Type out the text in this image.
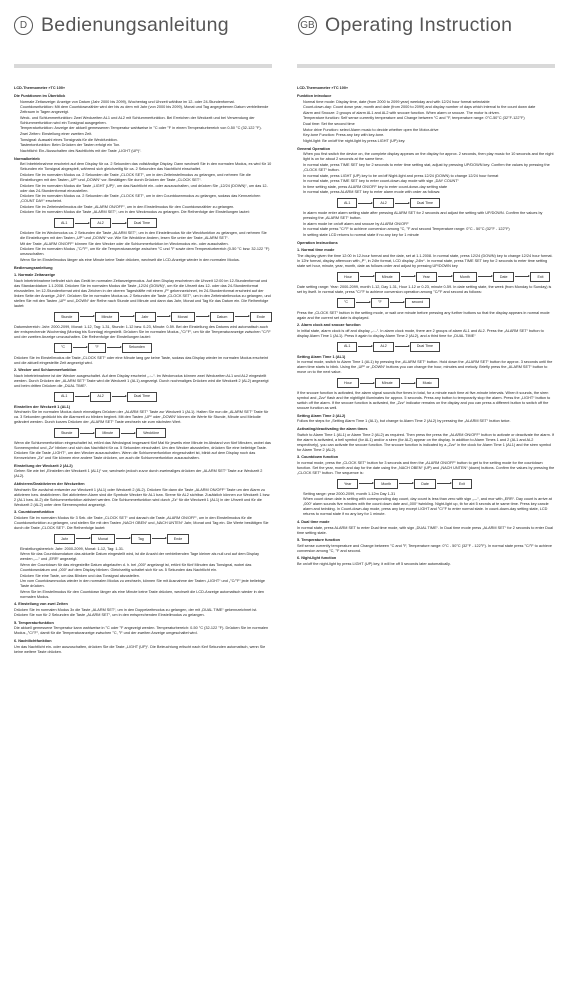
D Bedienungsanleitung	GB Operating Instruction
LCD-Thermometer »TC 100«
Die Funktionen im Überblick
• Normale Zeitanzeige: Anzeige von Datum (Jahr 2000 bis 2099), Wochentag und Uhrzeit wählbar im 12- oder 24-Stundenformat.
• Countdownfunktion: Mit dem Countdownzähler wird der bis zu dem mit Jahr (von 2000 bis 2099), Monat und Tag angegebenen Datum verbleibende Zeitraum in Tagen angezeigt.
• Weck- und Schlummerfunktion: Zwei Weckzeiten AL1 und AL2 mit Schlummerfunktion. Bei Erreichen der Weckzeit und bei Verwendung der Schlummerfunktion wird ein Tonsignal ausgegeben.
• Temperaturfunktion: Anzeige der aktuell gemessenen Temperatur wahlweise in °C oder °F in einem Temperaturbereich von 0-50 °C (32-122 °F).
• Zwei Zeiten: Einstellung einer zweiten Zeit.
• Tonsignal: Auswahl eines Tonsignals für die Weckfunktion.
• Tastentonfunktion: Beim Drücken der Tasten erfolgt ein Ton.
• Nachtlicht: Ein-/Ausschalten des Nachtlichts mit der Taste „LIGHT (UP)“.
Normalbetrieb
• Bei Inbetriebnahme erscheint auf dem Display für ca. 2 Sekunden das vollständige Display. Dann wechselt Sie in den normalen Modus, es wird für 10 Sekunden ein Tonsignal abgespielt, während sich gleichzeitig für ca. 2 Sekunden das Nachtlicht einschaltet.
• Drücken Sie im normalen Modus ca. 2 Sekunden die Taste „CLOCK SET“, um in den Zeiteinstellmodus zu gelangen, und nehmen Sie die Einstellungen mit den Tasten „UP“ und „DOWN“ vor. Bestätigen Sie durch Drücken der Taste „CLOCK SET“.
• Drücken Sie im normalen Modus die Taste „LIGHT (UP)“, um das Nachtlicht ein- oder auszuschalten, und drücken Sie „12/24 (DOWN)“, um das 12- oder das 24-Stundenformat einzustellen.
• Drücken Sie im normalen Modus ca. 2 Sekunden die Taste „CLOCK SET“, um in den Countdownmodus zu gelangen, sodass das Kennzeichen „COUNT DAY“ erscheint.
• Drücken Sie im Zeiteinstellmodus die Taste „ALARM ON/OFF“, um in den Einstellmodus für den Countdownzähler zu gelangen.
• Drücken Sie im normalen Modus die Taste „ALARM SET“, um in den Weckmodus zu gelangen. Die Reihenfolge der Einstellungen lautet:
AL1	AL2	Dual Time
• Drücken Sie im Weckmodus ca. 2 Sekunden die Taste „ALARM SET“, um in den Einstellmodus für die Weckfunktion zu gelangen, und nehmen Sie die Einstellungen mit den Tasten „UP“ und „DOWN“ vor. Wie Sie Wecktöne ändern, lesen Sie unter der Taste „ALARM SET“.
• Mit der Taste „ALARM ON/OFF“ können Sie den Wecker oder die Schlummerfunktion im Weckmodus ein- oder ausschalten.
• Drücken Sie im normalen Modus „°C/°F“, um für die Temperaturanzeige zwischen °C und °F sowie dem Temperaturbereich (0-50 °C bzw. 32-122 °F) umzuschalten.
• Wenn Sie im Einstellmodus länger als eine Minute keine Taste drücken, wechselt die LCD-Anzeige wieder in den normalen Modus.
Bedienungsanleitung
1. Normale Zeitanzeige

Nach Inbetriebnahme befindet sich das Gerät im normalen Zeitanzeigemodus. Auf dem Display erscheinen die Uhrzeit 12:00 im 12-Stundenformat und das Standarddatum 1.1.2008. Drücken Sie im normalen Modus die Taste „12/24 (DOWN)“, um für die Uhrzeit das 12- oder das 24-Stundenformat einzustellen. Im 12-Stundenformat wird das Zeichen in der oberen Tageshälfte mit einem „P“ gekennzeichnet, im 24-Stundenformat erscheint auf der linken Seite der Anzeige „24H“. Drücken Sie im normalen Modus ca. 2 Sekunden die Taste „CLOCK SET“, um in den Zeiteinstellmodus zu gelangen, und stellen Sie mit den Tasten „UP“ und „DOWN“ der Reihe nach Stunde und Minute und dann das Jahr, Monat und Tag für das Datum ein. Die Reihenfolge lautet:

Stunde	Minute	Jahr	Monat	Datum	Ende

Datumsbereich: Jahr: 2000-2099, Monat: 1-12, Tag: 1-31, Stunde: 1-12 bzw. 0-23, Minute: 0-59. Bei der Einstellung des Datums wird automatisch auch der entsprechende Wochentag (Montag bis Sonntag) eingestellt. Drücken Sie im normalen Modus „°C/°F“, um für die Temperaturanzeige zwischen °C/°F und der zweiten Anzeige umzuschalten. Die Reihenfolge der Einstellungen lautet:

°C	°F	Sekunden

Drücken Sie im Einstellmodus die Taste „CLOCK SET“ oder eine Minute lang gar keine Taste, sodass das Display wieder im normalen Modus erscheint und die aktuell eingestellte Zeit angezeigt wird.

2. Wecker und Schlummerfunktion

Nach Inbetriebnahme ist der Wecker ausgeschaltet. Auf dem Display erscheint „-:--“. Im Weckmodus können zwei Weckzeiten AL1 und AL2 eingestellt werden. Durch Drücken der „ALARM SET“ Taste wird die Weckzeit 1 (AL1) angezeigt. Durch nochmaliges Drücken wird die Weckzeit 2 (AL2) angezeigt und beim dritten Drücken die „DUAL TIME“.

AL1	AL2	Dual Time
Einstellen der Weckzeit 1 (AL1)

Wechseln Sie im normalen Modus durch einmaliges Drücken der „ALARM SET“ Taste zur Weckzeit 1 (AL1). Halten Sie nun die „ALARM SET“ Taste für ca. 3 Sekunden gedrückt bis die Alarmzeit zu blinken beginnt. Mit den Tasten „UP“ oder „DOWN“ können die Werte für Stunde, Minute und Melodie geändert werden. Durch kurzes Drücken der „ALARM SET“ Taste wechseln sie zum nächsten Wert.

Stunde	Minute	Wecktöne

Wenn die Schlummerfunktion eingeschaltet ist, ertönt das Wecksignal insgesamt fünf Mal für jeweils eine Minute im Abstand von fünf Minuten, wobei das Sonnensymbol und „Zz“ blinken und sich das Nachtlicht für ca. 5 Sekunden einschaltet. Um den Wecker abzustellen, drücken Sie eine beliebige Taste. Drücken Sie die Taste „LIGHT“, um den Wecker auszuschalten. Wenn die Schlummerfunktion eingeschaltet ist, blinkt auf dem Display noch das Kennzeichen „Zz“ und Sie können eine andere Taste drücken, um auch die Schlummerfunktion auszuschalten.

Einstellung der Weckzeit 2 (AL2)

Gehen Sie wie bei „Einstellen der Weckzeit 1 (AL1)“ vor, wechseln jedoch zuvor durch zweimaliges drücken der „ALARM SET“ Taste zur Weckzeit 2 (AL2).

Aktivieren/Deaktivieren der Weckzeiten

Wechseln Sie zunächst entweder zur Weckzeit 1 (AL1) oder Weckzeit 2 (AL2). Drücken Sie dann die Taste „ALARM ON/OFF“ Taste um den Alarm zu aktivieren bzw. deaktivieren. Bei aktiviertem Alarm sind die Symbole Wecker für AL1 bzw. Sirene für AL2 sichtbar. Zusätzlich können zur Weckzeit 1 bzw. 2 (AL1 bzw. AL2) die Schlummerfunktion aktiviert werden. Die Schlummerfunktion wird durch „Zz“ für die Weckzeit 1 (AL1) in der Uhrzeit und für die Weckzeit 2 (AL2) unter dem Sirenensymbol angezeigt.

3. Countdownfunktion

Drücken Sie im normalen Modus für 3 Sek. die Taste „CLOCK SET“ und danach die Taste „ALARM ON/OFF“, um in den Einstellmodus für die Countdownfunktion zu gelangen, und stellen Sie mit den Tasten „NACH OBEN“ und „NACH UNTEN“ Jahr, Monat und Tag ein. Die Werte bestätigen Sie durch die Taste „CLOCK SET“. Die Reihenfolge lautet:

Jahr	Monat	Tag	Ende
• Einstellungsbereich: Jahr: 2000-2099, Monat: 1-12, Tag: 1-31.
• Wenn für das Countdowndatum das aktuelle Datum eingestellt wird, ist die Anzahl der verbleibenden Tage kleiner als null und auf dem Display werden „---“ und „ERR“ angezeigt.
• Wenn der Countdown für das eingestellte Datum abgelaufen d. h. bei „000“ angelangt ist, ertönt für fünf Minuten das Tonsignal, wobei das Countdowndatum und „000“ auf dem Display blinken. Gleichzeitig schaltet sich für ca. 5 Sekunden das Nachtlicht ein.
• Drücken Sie eine Taste, um das Blinken und das Tonsignal abzustellen.
• Um vom Countdownmodus wieder in den normalen Modus zu wechseln, können Sie mit Ausnahme der Tasten „LIGHT“ und „°C/°F“ jede beliebige Taste drücken.
• Wenn Sie im Einstellmodus für den Countdown länger als eine Minute keine Taste drücken, wechselt die LCD-Anzeige automatisch wieder in den normalen Modus.
4. Einstellung von zwei Zeiten

Drücken Sie im normalen Modus 3x die Taste „ALARM SET“, um in den Doppelzeitmodus zu gelangen, der mit „DUAL TIME“ gekennzeichnet ist. Drücken Sie nun für 2 Sekunden die Taste „ALARM SET“, um in den entsprechenden Einstellmodus zu gelangen.

5. Temperaturfunktion

Die aktuell gemessene Temperatur kann wahlweise in °C oder °F angezeigt werden. Temperaturbereich: 0-50 °C (32-122 °F). Drücken Sie im normalen Modus „°C/°F“, damit für die Temperaturanzeige zwischen °C, °F und der zweiten Anzeige umgeschaltet wird.

6. Nachtlichtfunktion

Um das Nachtlicht ein- oder auszuschalten, drücken Sie die Taste „LIGHT (UP)“. Die Beleuchtung erlischt nach fünf Sekunden automatisch, wenn Sie keine weitere Taste drücken.

LCD-Thermometer »TC 100«
Funktion introduce
• Normal time mode: Display time, date (from 2000 to 2099 year) weekday and with 12/24 hour format selectable
• Count-down-day: Count down year, month and date (from 2000 to 2099) and display number of days which interval to the count down date
• Alarm and Snooze: 2 groups of alarm AL1 and AL2 with snooze function. When alarm or snooze. The motor is driven.
• Temperature function: Self sense currently temperature and Change between °C and °F, temperature range: 0°C-50°C (32°F-122°F)
• Dual time: Set the second time
• Motor drive Function: select Alarm music to decide whether open the Motor-drive
• Key-tone Function: Press any key with key-tone.
• Night-light: Be on/off the night-light by press LIGHT (UP) key.
General Operation
• When you first switch the device on, the complete display appears on the display for approx. 2 seconds, then play music for 10 seconds and the night light is on for about 2 seconds at the same time.
• In normal state, press TIME SET key for 2 seconds to enter time setting stat, adjust by pressing UP/DOWN key. Confirm the values by pressing the „CLOCK SET“ button.
• In normal state, press LIGHT (UP) key to be on/off Night-light and press 12/24 (DOWN) to change 12/24 hour format
• In normal state, press TIME SET key to enter count-down-day mode with sign „DAY COUNT“
• In time setting state, press ALARM ON/OFF key to enter count-down-day setting state
• In normal state, press ALARM SET key to enter alarm mode with order as follows:
AL1	AL2	Dual Time
• In alarm mode enter alarm setting state after pressing ALARM SET for 2 seconds and adjust the setting with UP/DOWN. Confirm the values by pressing the „ALARM SET“ button.
• In alarm mode be on/off alarm and snooze by ALARM ON/OFF
• In normal state press °C/°F to achieve conversion among °C, °F and second Temperature range: 0°C - 50°C (32°F - 122°F)
• In setting state LCD returns to normal state if no any key for 1 minute
Operation Instructions
1. Normal time mode

The display given the time 12:00 in 12-hour format and the date, set at 1.1.2008. In normal state, press 12/24 (DOWN) key to change 12/24 hour format. In 12hr format, display afternoon with „P“, in 24hr format, LCD display „24hr“. In normal state, press TIME SET key for 2 seconds to enter time setting state set hour, minute, year, month, date as follows order and adjust by pressing UP/DOWN key

Hour	Minute	Year	Month	Date	Exit

Date setting range: Year: 2000-2099, month 1-12, Day 1-31, Hour 1-12 or 0-23, minute 0-59. In date setting state, the week (from Monday to Sunday) is set by itself. In normal state, press °C/°F to achieve conversion operation among °C/°F and second as follows:

°C	°F	second

Press the „CLOCK SET“ button in the setting mode, or wait one minute before pressing any further buttons so that the display appears in normal mode again and the current set date is displayed.

2. Alarm clock and snooze function

In initial state, alarm clock is off and display „-:--“. In alarm clock mode, there are 2 groups of alarm AL1 and AL2. Press the „ALARM SET“ button to display Alarm Time 1 (AL1). Press it again to display Alarm Time 2 (AL2), and a third time for „DUAL TIME“

AL1	AL2	Dual Time
Setting Alarm Time 1 (AL1)

In normal mode, switch to Alarm Time 1 (AL1) by pressing the „ALARM SET“ button. Hold down the „ALARM SET“ button for approx. 3 seconds until the alarm time starts to blink. Using the „UP“ or „DOWN“ buttons you can change the hour, minutes and melody. Briefly press the „ALARM SET“ button to move on to the next value.

Hour	Minute	Music

If the snooze function is activated, the alarm signal sounds five times in total, for a minute each time at five-minute intervals. When it sounds, the siren symbol and „Zzz“ flash and the nightlight illuminates for approx. 5 seconds. Press any button to temporarily stop the alarm. Press the „LIGHT“ button to switch off the alarm. If the snooze function is activated, the „Zzz“ indicator remains on the display and you can press a different button to switch off the snooze function as well.

Setting Alarm Time 2 (AL2)

Follow the steps for „Setting Alarm Time 1 (AL1), but change to Alarm Time 2 (AL2) by pressing the „ALARM SET“ button twice.

Activating/deactivating the alarm times

Switch to Alarm Time 1 (AL1) or Alarm Time 2 (AL2) as required. Then press the press the „ALARM ON/OFF“ button to activate or deactivate the alarm. If the alarm is activated, a bell symbol (for AL1) and/or a siren (for AL2) appear on the display. In addition to Alarm Times 1 and 2 (AL1 and AL2 respectively), you can activate the snooze function. The snooze function is indicated by a „Zzz“ in the clock for Alarm Time 1 (AL1) and the siren symbol for Alarm Time 2 (AL2).

3. Countdown function

In normal mode, press the „CLOCK SET“ button for 3 seconds and then the „ALARM ON/OFF“ button to get to the setting mode for the countdown function. Set the year, month and day for the date using the „NACH OBEN“ (UP) and „NACH UNTEN“ (down) buttons. Confirm the values by pressing the „CLOCK SET“ button. The sequence is:

Year	Month	Date	Exit
• Setting range: year 2000-2099, month 1-12m Day 1-31
• When count down date is setting with corresponding day count, day count is less than zero with sign „---“, and mor with „ERR“. Day count is arrive at „000“ alarm sounds five minutes with the count down date and „000“ twinkling. Night-light up, tb for abt 5 secnds at te same time. Press key cancle alarm and twinking. In Count-down-day mode, press any key except LIGHT and °C/°F to enter normal state. In count-down-day setting state, LCD returns to normal state if no any key for 1 minute.
4. Dual time mode

In normal state, press ALARM SET to enter Dual time mode, with sign „DUAL TIME“. In Dual time mode press „ALARM SET“ for 2 seconds to enter Dual time setting state.

5. Temperature function

Self sense currently temperature and Change between °C and °F, Temperature range: 0°C - 50°C (32°F - 122°F). In normal state press °C/°F to achieve conversion among °C, °F and second.

6. Night-light function

Be on/off the night-light by press LIGHT (UP) key, it will be off 5 seconds later automatically.
